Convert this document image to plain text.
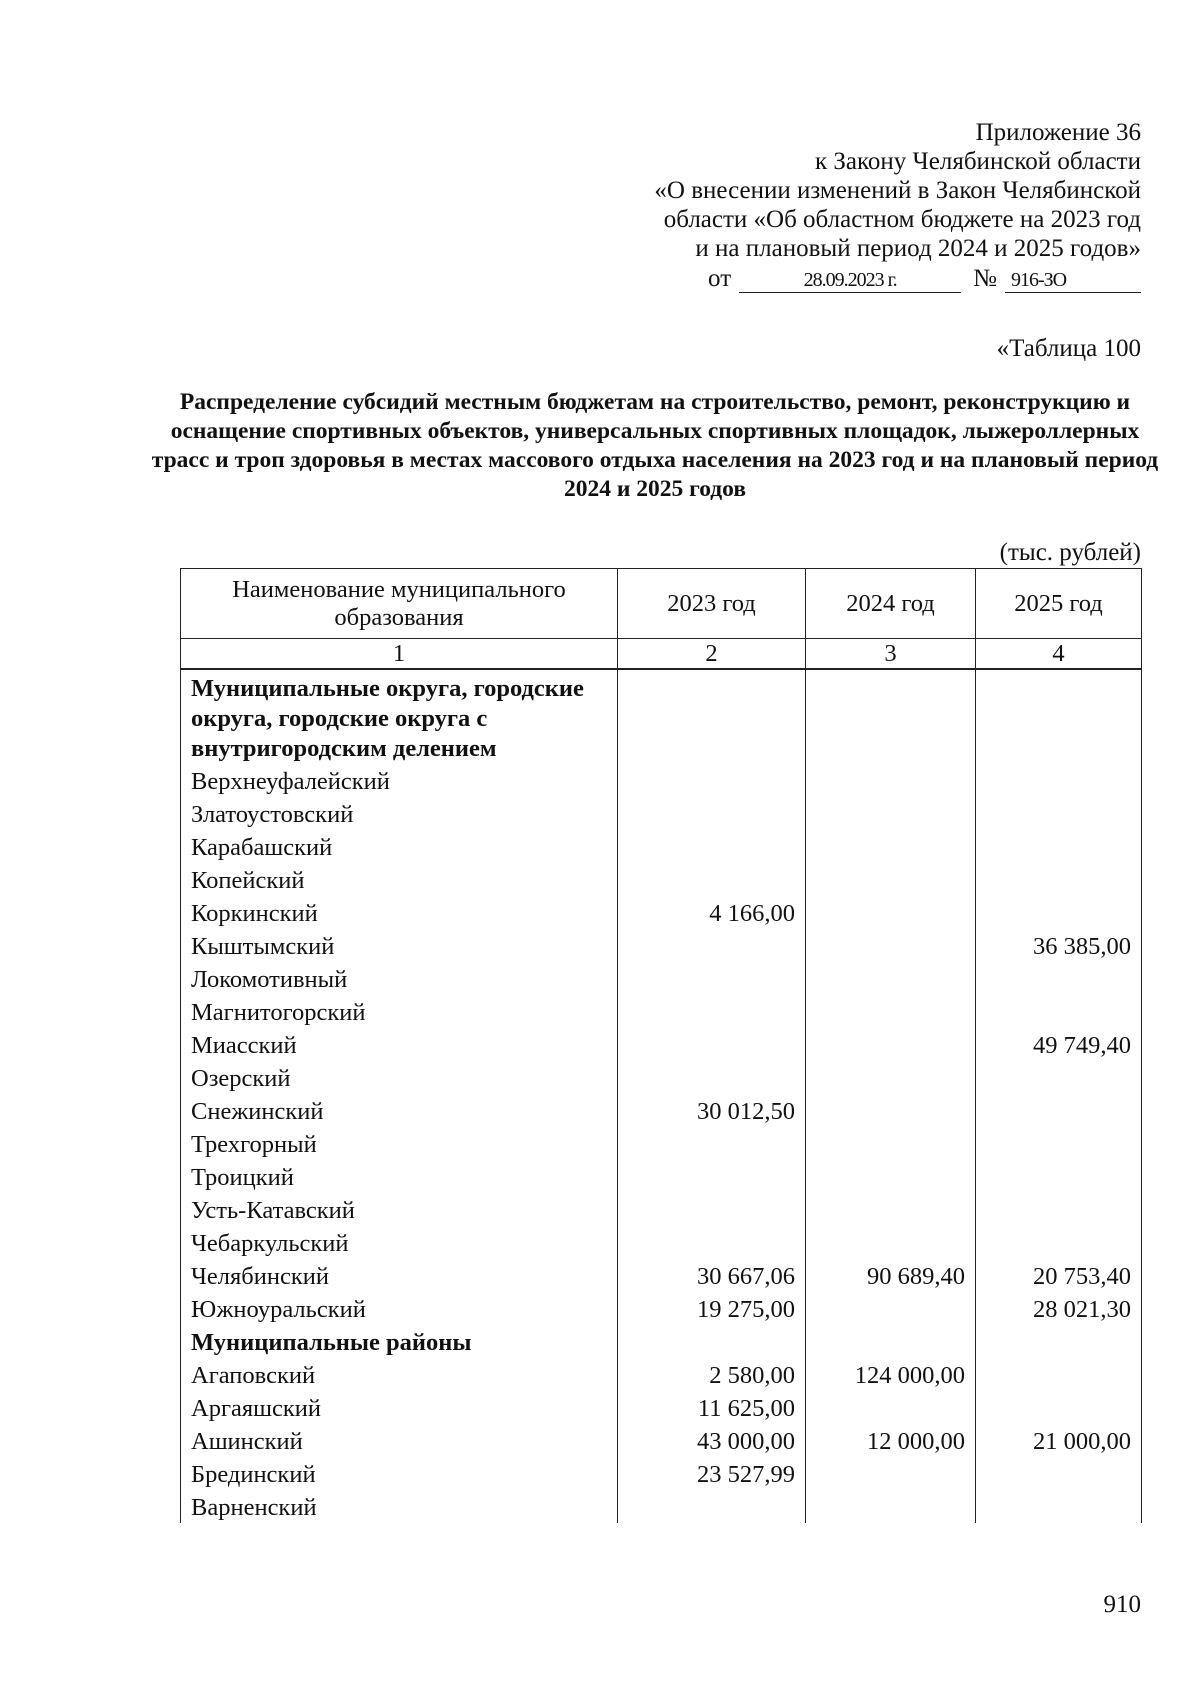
Приложение 36
к Закону Челябинской области
«О внесении изменений в Закон Челябинской
области «Об областном бюджете на 2023 год
и на плановый период 2024 и 2025 годов»
от	28.09.2023 г.	№ 916-ЗО
«Таблица 100
Распределение субсидий местным бюджетам на строительство, ремонт, реконструкцию и оснащение спортивных объектов, универсальных спортивных площадок, лыжероллерных трасс и троп здоровья в местах массового отдыха населения на 2023 год и на плановый период 2024 и 2025 годов
(тыс. рублей)
Наименование муниципального образования	2023 год	2024 год	2025 год
1	2	3	4
Муниципальные округа, городские округа, городские округа с внутригородским делением			
Верхнеуфалейский			
Златоустовский			
Карабашский			
Копейский			
Коркинский	4 166,00		
Кыштымский			36 385,00
Локомотивный			
Магнитогорский			
Миасский			49 749,40
Озерский			
Снежинский	30 012,50		
Трехгорный			
Троицкий			
Усть-Катавский			
Чебаркульский			
Челябинский	30 667,06	90 689,40	20 753,40
Южноуральский	19 275,00		28 021,30
Муниципальные районы			
Агаповский	2 580,00	124 000,00	
Аргаяшский	11 625,00		
Ашинский	43 000,00	12 000,00	21 000,00
Брединский	23 527,99		
Варненский			
910
